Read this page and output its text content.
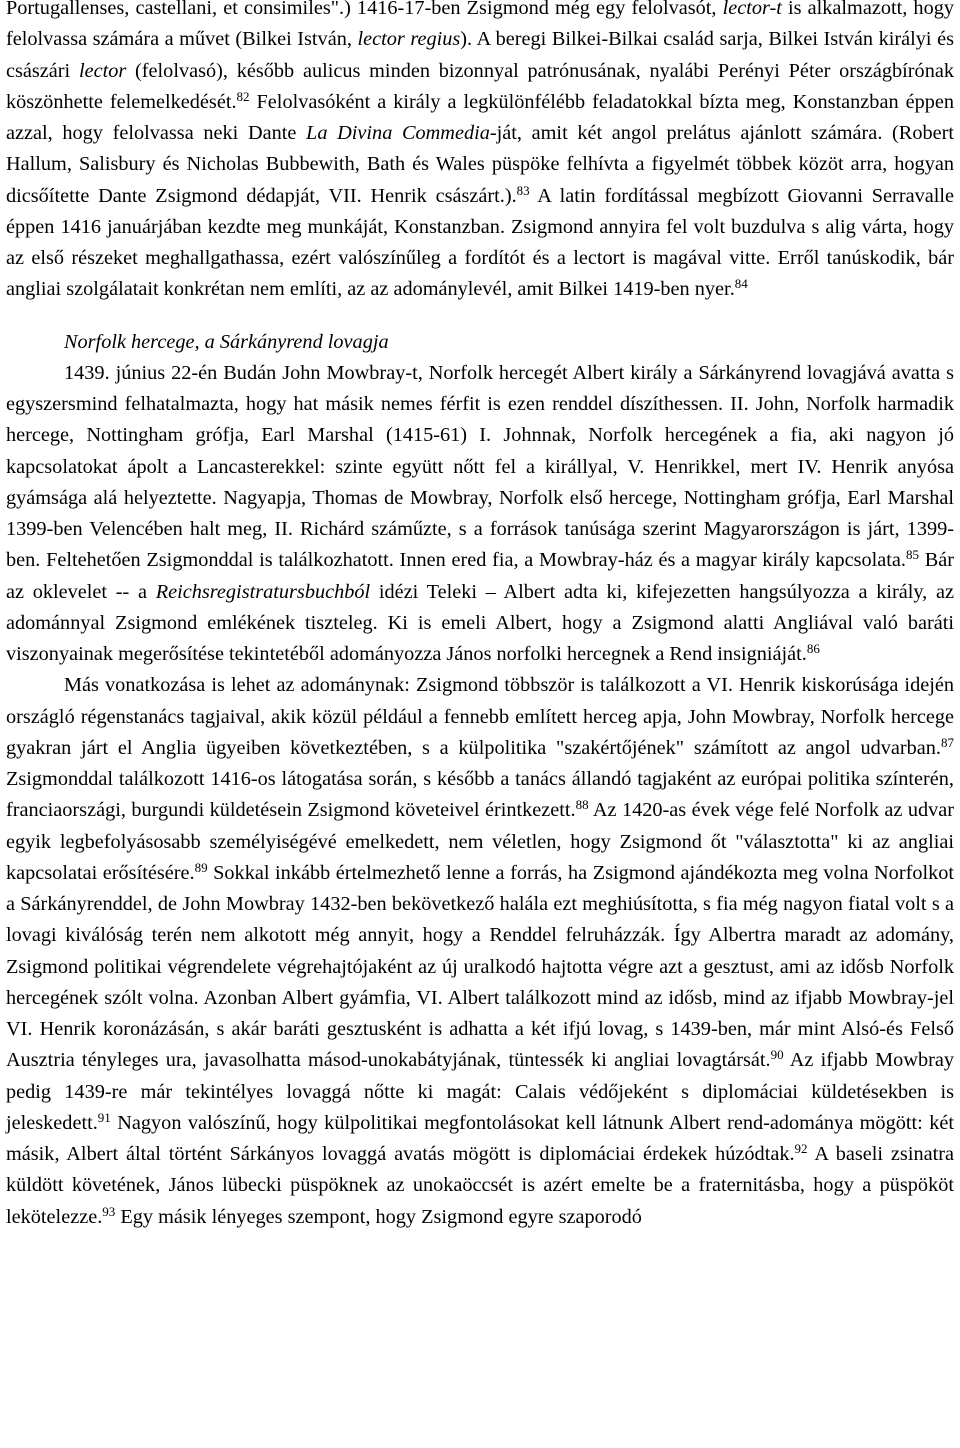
Portugallenses, castellani, et consimiles".) 1416-17-ben Zsigmond még egy felolvasót, lector-t is alkalmazott, hogy felolvassa számára a művet (Bilkei István, lector regius). A beregi Bilkei-Bilkai család sarja, Bilkei István királyi és császári lector (felolvasó), később aulicus minden bizonnyal patrónusának, nyalábi Perényi Péter országbírónak köszönhette felemelkedését.$^{82}$ Felolvasóként a király a legkülönfélébb feladatokkal bízta meg, Konstanzban éppen azzal, hogy felolvassa neki Dante La Divina Commedia-ját, amit két angol prelátus ajánlott számára. (Robert Hallum, Salisbury és Nicholas Bubbewith, Bath és Wales püspöke felhívta a figyelmét többek közöt arra, hogyan dicsőítette Dante Zsigmond dédapját, VII. Henrik császárt.).$^{83}$ A latin fordítással megbízott Giovanni Serravalle éppen 1416 januárjában kezdte meg munkáját, Konstanzban. Zsigmond annyira fel volt buzdulva s alig várta, hogy az első részeket meghallgathassa, ezért valószínűleg a fordítót és a lectort is magával vitte. Erről tanúskodik, bár angliai szolgálatait konkrétan nem említi, az az adománylevél, amit Bilkei 1419-ben nyer.$^{84}$

Norfolk hercege, a Sárkányrend lovagja

1439. június 22-én Budán John Mowbray-t, Norfolk hercegét Albert király a Sárkányrend lovagjává avatta s egyszersmind felhatalmazta, hogy hat másik nemes férfit is ezen renddel díszíthessen. II. John, Norfolk harmadik hercege, Nottingham grófja, Earl Marshal (1415-61) I. Johnnak, Norfolk hercegének a fia, aki nagyon jó kapcsolatokat ápolt a Lancasterekkel: szinte együtt nőtt fel a királlyal, V. Henrikkel, mert IV. Henrik anyósa gyámsága alá helyeztette. Nagyapja, Thomas de Mowbray, Norfolk első hercege, Nottingham grófja, Earl Marshal 1399-ben Velencében halt meg, II. Richárd száműzte, s a források tanúsága szerint Magyarországon is járt, 1399-ben. Feltehetően Zsigmonddal is találkozhatott. Innen ered fia, a Mowbray-ház és a magyar király kapcsolata.$^{85}$ Bár az oklevelet -- a Reichsregistratursbuchból idézi Teleki – Albert adta ki, kifejezetten hangsúlyozza a király, az adománnyal Zsigmond emlékének tiszteleg. Ki is emeli Albert, hogy a Zsigmond alatti Angliával való baráti viszonyainak megerősítése tekintetéből adományozza János norfolki hercegnek a Rend insigniáját.$^{86}$

Más vonatkozása is lehet az adománynak: Zsigmond többször is találkozott a VI. Henrik kiskorúsága idején országló régenstanács tagjaival, akik közül például a fennebb említett herceg apja, John Mowbray, Norfolk hercege gyakran járt el Anglia ügyeiben következtében, s a külpolitika "szakértőjének" számított az angol udvarban.$^{87}$ Zsigmonddal találkozott 1416-os látogatása során, s később a tanács állandó tagjaként az európai politika színterén, franciaországi, burgundi küldetésein Zsigmond követeivel érintkezett.$^{88}$ Az 1420-as évek vége felé Norfolk az udvar egyik legbefolyásosabb személyiségévé emelkedett, nem véletlen, hogy Zsigmond őt "választotta" ki az angliai kapcsolatai erősítésére.$^{89}$ Sokkal inkább értelmezhető lenne a forrás, ha Zsigmond ajándékozta meg volna Norfolkot a Sárkányrenddel, de John Mowbray 1432-ben bekövetkező halála ezt meghiúsította, s fia még nagyon fiatal volt s a lovagi kiválóság terén nem alkotott még annyit, hogy a Renddel felruházzák. Így Albertra maradt az adomány, Zsigmond politikai végrendelete végrehajtójaként az új uralkodó hajtotta végre azt a gesztust, ami az idősb Norfolk hercegének szólt volna. Azonban Albert gyámfia, VI. Albert találkozott mind az idősb, mind az ifjabb Mowbray-jel VI. Henrik koronázásán, s akár baráti gesztusként is adhatta a két ifjú lovag, s 1439-ben, már mint Alsó-és Felső Ausztria tényleges ura, javasolhatta másod-unokabátyjának, tüntessék ki angliai lovagtársát.$^{90}$ Az ifjabb Mowbray pedig 1439-re már tekintélyes lovaggá nőtte ki magát: Calais védőjeként s diplomáciai küldetésekben is jeleskedett.$^{91}$ Nagyon valószínű, hogy külpolitikai megfontolásokat kell látnunk Albert rend-adományа mögött: két másik, Albert által történt Sárkányos lovaggá avatás mögött is diplomáciai érdekek húzódtak.$^{92}$ A baseli zsinatra küldött követének, János lübecki püspöknek az unokaöccsét is azért emelte be a fraternitásba, hogy a püspököt lekötelezze.$^{93}$ Egy másik lényeges szempont, hogy Zsigmond egyre szaporodó
